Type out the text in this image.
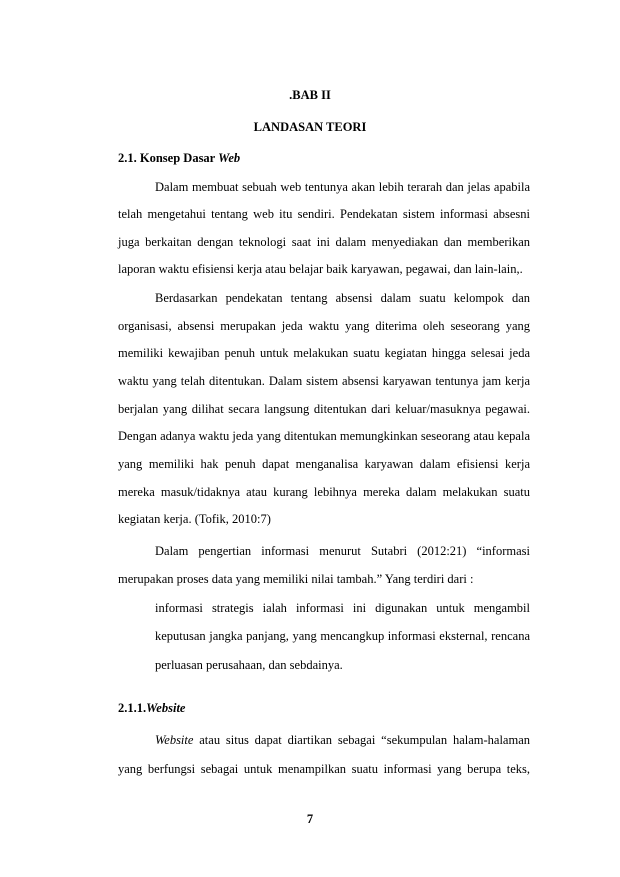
.BAB II
LANDASAN TEORI
2.1. Konsep Dasar Web
Dalam membuat sebuah web tentunya akan lebih terarah dan jelas apabila
telah mengetahui tentang web itu sendiri. Pendekatan sistem informasi absesni
juga berkaitan dengan teknologi saat ini dalam menyediakan dan memberikan
laporan waktu efisiensi kerja atau belajar baik karyawan, pegawai, dan lain-lain,.
Berdasarkan pendekatan tentang absensi dalam suatu kelompok dan
organisasi, absensi merupakan jeda waktu yang diterima oleh seseorang yang
memiliki kewajiban penuh untuk melakukan suatu kegiatan hingga selesai jeda
waktu yang telah ditentukan. Dalam sistem absensi karyawan tentunya jam kerja
berjalan yang dilihat secara langsung ditentukan dari keluar/masuknya pegawai.
Dengan adanya waktu jeda yang ditentukan memungkinkan seseorang atau kepala
yang memiliki hak penuh dapat menganalisa karyawan dalam efisiensi kerja
mereka masuk/tidaknya atau kurang lebihnya mereka dalam melakukan suatu
kegiatan kerja. (Tofik, 2010:7)
Dalam pengertian informasi menurut Sutabri (2012:21) “informasi
merupakan proses data yang memiliki nilai tambah.” Yang terdiri dari :
informasi strategis ialah informasi ini digunakan untuk mengambil
keputusan jangka panjang, yang mencangkup informasi eksternal, rencana
perluasan perusahaan, dan sebdainya.
2.1.1.Website
Website atau situs dapat diartikan sebagai “sekumpulan halam-halaman
yang berfungsi sebagai untuk menampilkan suatu informasi yang berupa teks,
7
